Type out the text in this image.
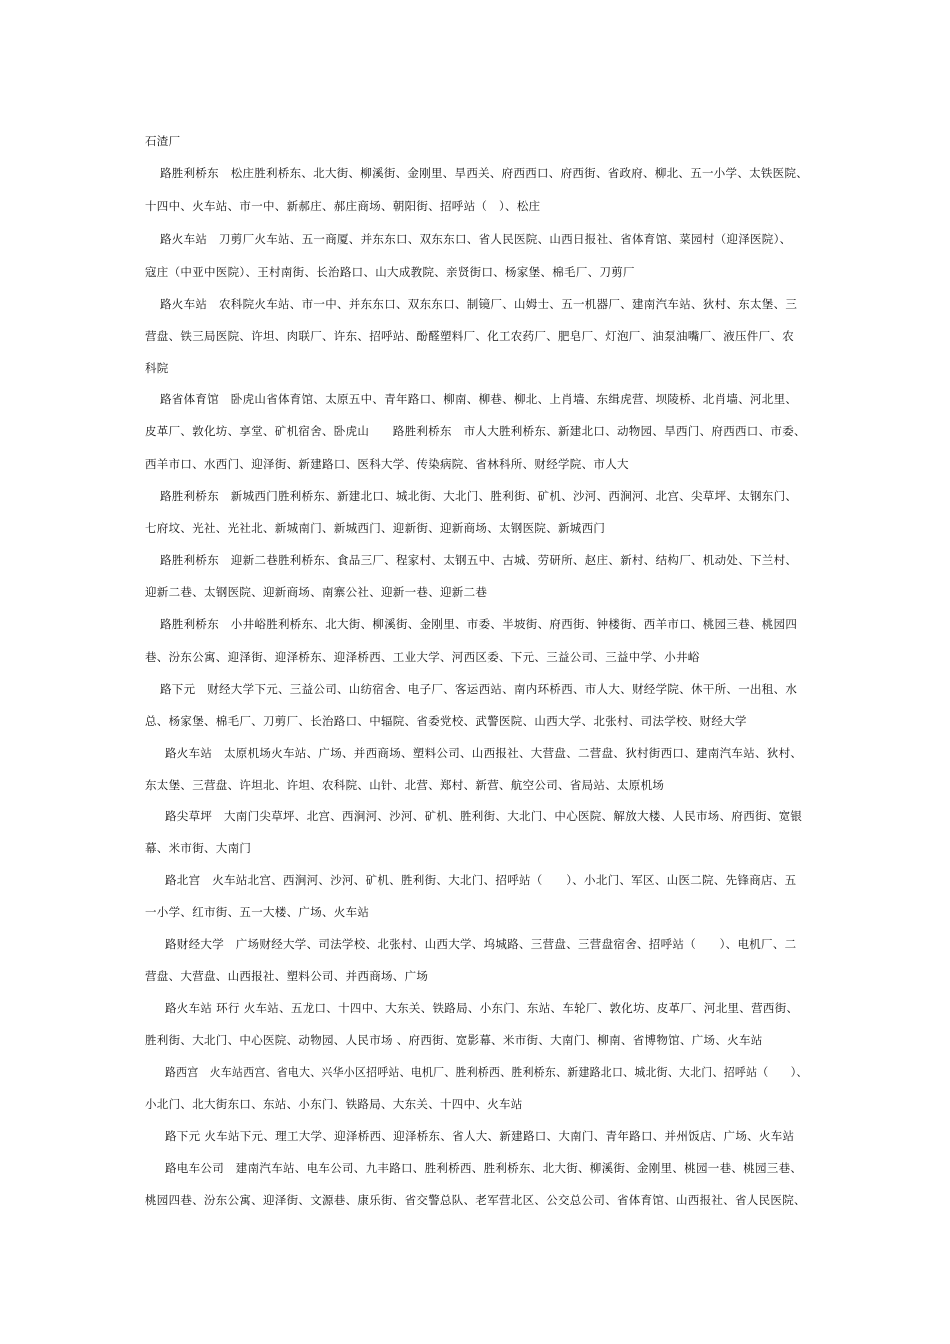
石渣厂
路胜利桥东　松庄胜利桥东、北大街、柳溪街、金刚里、旱西关、府西西口、府西街、省政府、柳北、五一小学、太铁医院、
十四中、火车站、市一中、新郝庄、郝庄商场、朝阳街、招呼站（　）、松庄
路火车站　刀剪厂火车站、五一商厦、并东东口、双东东口、省人民医院、山西日报社、省体育馆、菜园村（迎泽医院）、
寇庄（中亚中医院）、王村南街、长治路口、山大成教院、亲贤街口、杨家堡、棉毛厂、刀剪厂
路火车站　农科院火车站、市一中、并东东口、双东东口、制镜厂、山姆士、五一机器厂、建南汽车站、狄村、东太堡、三
营盘、铁三局医院、许坦、肉联厂、许东、招呼站、酚醛塑料厂、化工农药厂、肥皂厂、灯泡厂、油泵油嘴厂、液压件厂、农
科院
路省体育馆　卧虎山省体育馆、太原五中、青年路口、柳南、柳巷、柳北、上肖墙、东缉虎营、坝陵桥、北肖墙、河北里、
皮革厂、敦化坊、享堂、矿机宿舍、卧虎山　　路胜利桥东　市人大胜利桥东、新建北口、动物园、旱西门、府西西口、市委、
西羊市口、水西门、迎泽街、新建路口、医科大学、传染病院、省林科所、财经学院、市人大
路胜利桥东　新城西门胜利桥东、新建北口、城北街、大北门、胜利街、矿机、沙河、西涧河、北宫、尖草坪、太钢东门、
七府坟、光社、光社北、新城南门、新城西门、迎新街、迎新商场、太钢医院、新城西门
路胜利桥东　迎新二巷胜利桥东、食品三厂、程家村、太钢五中、古城、劳研所、赵庄、新村、结构厂、机动处、下兰村、
迎新二巷、太钢医院、迎新商场、南寨公社、迎新一巷、迎新二巷
路胜利桥东　小井峪胜利桥东、北大街、柳溪街、金刚里、市委、半坡街、府西街、钟楼街、西羊市口、桃园三巷、桃园四
巷、汾东公寓、迎泽街、迎泽桥东、迎泽桥西、工业大学、河西区委、下元、三益公司、三益中学、小井峪
路下元　财经大学下元、三益公司、山纺宿舍、电子厂、客运西站、南内环桥西、市人大、财经学院、休干所、一出租、水
总、杨家堡、棉毛厂、刀剪厂、长治路口、中辐院、省委党校、武警医院、山西大学、北张村、司法学校、财经大学
路火车站　太原机场火车站、广场、并西商场、塑料公司、山西报社、大营盘、二营盘、狄村街西口、建南汽车站、狄村、
东太堡、三营盘、许坦北、许坦、农科院、山针、北营、郑村、新营、航空公司、省局站、太原机场
路尖草坪　大南门尖草坪、北宫、西涧河、沙河、矿机、胜利街、大北门、中心医院、解放大楼、人民市场、府西街、宽银
幕、米市街、大南门
路北宫　火车站北宫、西涧河、沙河、矿机、胜利街、大北门、招呼站（　　）、小北门、军区、山医二院、先锋商店、五
一小学、红市街、五一大楼、广场、火车站
路财经大学　广场财经大学、司法学校、北张村、山西大学、坞城路、三营盘、三营盘宿舍、招呼站（　　）、电机厂、二
营盘、大营盘、山西报社、塑料公司、并西商场、广场
路火车站 环行 火车站、五龙口、十四中、大东关、铁路局、小东门、东站、车轮厂、敦化坊、皮革厂、河北里、营西街、
胜利街、大北门、中心医院、动物园、人民市场 、府西街、宽影幕、米市街、大南门、柳南、省博物馆、广场、火车站
路西宫　火车站西宫、省电大、兴华小区招呼站、电机厂、胜利桥西、胜利桥东、新建路北口、城北街、大北门、招呼站（　　）、
小北门、北大街东口、东站、小东门、铁路局、大东关、十四中、火车站
路下元 火车站下元、理工大学、迎泽桥西、迎泽桥东、省人大、新建路口、大南门、青年路口、并州饭店、广场、火车站
路电车公司　建南汽车站、电车公司、九丰路口、胜利桥西、胜利桥东、北大街、柳溪街、金刚里、桃园一巷、桃园三巷、
桃园四巷、汾东公寓、迎泽街、文源巷、康乐街、省交警总队、老军营北区、公交总公司、省体育馆、山西报社、省人民医院、
